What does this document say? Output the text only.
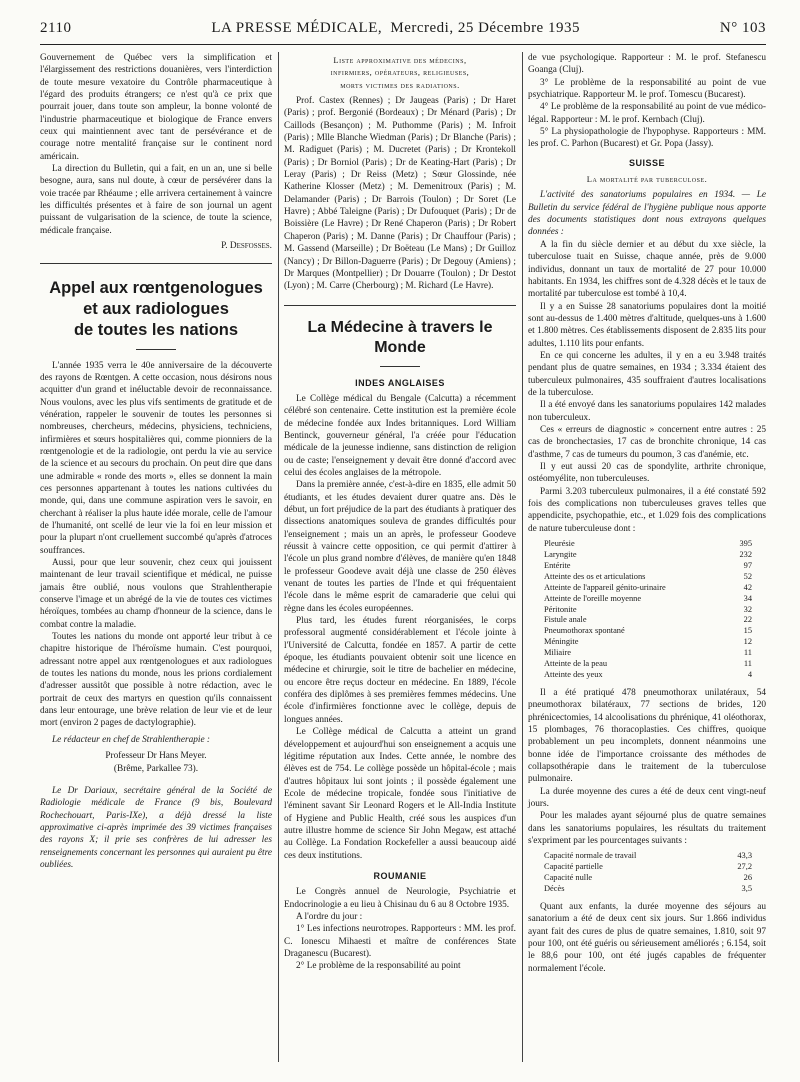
2110	LA PRESSE MÉDICALE, Mercredi, 25 Décembre 1935	N° 103

Gouvernement de Québec vers la simplification et l'élargissement des restrictions douanières, vers l'interdiction de toute mesure vexatoire du Contrôle pharmaceutique à l'égard des produits étrangers; ce n'est qu'à ce prix que pourrait jouer, dans toute son ampleur, la bonne volonté de l'industrie pharmaceutique et biologique de France envers ceux qui maintiennent avec tant de persévérance et de courage notre mentalité française sur le continent nord américain.

La direction du Bulletin, qui a fait, en un an, une si belle besogne, aura, sans nul doute, à cœur de persévérer dans la voie tracée par Rhéaume ; elle arrivera certainement à vaincre les difficultés présentes et à faire de son journal un agent puissant de vulgarisation de la science, de toute la science, médicale française.

P. Desfosses.
Appel aux rœntgenologues
et aux radiologues
de toutes les nations

L'année 1935 verra le 40e anniversaire de la découverte des rayons de Rœntgen. A cette occasion, nous désirons nous acquitter d'un grand et inéluctable devoir de reconnaissance. Nous voulons, avec les plus vifs sentiments de gratitude et de vénération, rappeler le souvenir de toutes les personnes si nombreuses, chercheurs, médecins, physiciens, techniciens, infirmières et sœurs hospitalières qui, comme pionniers de la rœntgenologie et de la radiologie, ont perdu la vie au service de la science et au secours du prochain. On peut dire que dans une admirable « ronde des morts », elles se donnent la main ces personnes appartenant à toutes les nations cultivées du monde, qui, dans une commune aspiration vers le savoir, en cherchant à réaliser la plus haute idée morale, celle de l'amour de l'humanité, ont scellé de leur vie la foi en leur mission et pour la plupart n'ont cruellement succombé qu'après d'atroces souffrances.

Aussi, pour que leur souvenir, chez ceux qui jouissent maintenant de leur travail scientifique et médical, ne puisse jamais être oublié, nous voulons que Strahlentherapie conserve l'image et un abrégé de la vie de toutes ces victimes héroïques, tombées au champ d'honneur de la science, dans le combat contre la maladie.

Toutes les nations du monde ont apporté leur tribut à ce chapitre historique de l'héroïsme humain. C'est pourquoi, adressant notre appel aux rœntgenologues et aux radiologues de toutes les nations du monde, nous les prions cordialement d'adresser aussitôt que possible à notre rédaction, avec le portrait de ceux des martyrs en question qu'ils connaissent dans leur entourage, une brève relation de leur vie et de leur mort (environ 2 pages de dactylographie).

Le rédacteur en chef de Strahlentherapie :

Professeur Dr Hans Meyer.
(Brême, Parkallee 73).

Le Dr Dariaux, secrétaire général de la Société de Radiologie médicale de France (9 bis, Boulevard Rochechouart, Paris-IXe), a déjà dressé la liste approximative ci-après imprimée des 39 victimes françaises des rayons X; il prie ses confrères de lui adresser les renseignements concernant les personnes qui auraient pu être oubliées.

Liste approximative des médecins,
infirmiers, opérateurs, religieuses,
morts victimes des radiations.

Prof. Castex (Rennes) ; Dr Jaugeas (Paris) ; Dr Haret (Paris) ; prof. Bergonié (Bordeaux) ; Dr Ménard (Paris) ; Dr Caillods (Besançon) ; M. Puthomme (Paris) ; M. Infroit (Paris) ; Mlle Blanche Wiedman (Paris) ; Dr Blanche (Paris) ; M. Radiguet (Paris) ; M. Ducretet (Paris) ; Dr Krontekoll (Paris) ; Dr Borniol (Paris) ; Dr de Keating-Hart (Paris) ; Dr Leray (Paris) ; Dr Reiss (Metz) ; Sœur Glossinde, née Katherine Klosser (Metz) ; M. Demenitroux (Paris) ; M. Delamander (Paris) ; Dr Barrois (Toulon) ; Dr Soret (Le Havre) ; Abbé Taleigne (Paris) ; Dr Dufouquet (Paris) ; Dr de Boissière (Le Havre) ; Dr René Chaperon (Paris) ; Dr Robert Chaperon (Paris) ; M. Danne (Paris) ; Dr Chauffour (Paris) ; M. Gassend (Marseille) ; Dr Boëteau (Le Mans) ; Dr Guilloz (Nancy) ; Dr Billon-Daguerre (Paris) ; Dr Degouy (Amiens) ; Dr Marques (Montpellier) ; Dr Douarre (Toulon) ; Dr Destot (Lyon) ; M. Carre (Cherbourg) ; M. Richard (Le Havre).

La Médecine à travers le Monde
INDES ANGLAISES

Le Collège médical du Bengale (Calcutta) a récemment célébré son centenaire. Cette institution est la première école de médecine fondée aux Indes britanniques. Lord William Bentinck, gouverneur général, l'a créée pour l'éducation médicale de la jeunesse indienne, sans distinction de religion ou de caste; l'enseignement y devait être donné d'accord avec celui des écoles anglaises de la métropole.

Dans la première année, c'est-à-dire en 1835, elle admit 50 étudiants, et les études devaient durer quatre ans. Dès le début, un fort préjudice de la part des étudiants à pratiquer des dissections anatomiques souleva de grandes difficultés pour l'enseignement ; mais un an après, le professeur Goodeve réussit à vaincre cette opposition, ce qui permit d'attirer à l'école un plus grand nombre d'élèves, de manière qu'en 1848 le professeur Goodeve avait déjà une classe de 250 élèves venant de toutes les parties de l'Inde et qui fréquentaient l'école dans le même esprit de camaraderie que celui qui règne dans les écoles européennes.

Plus tard, les études furent réorganisées, le corps professoral augmenté considérablement et l'école jointe à l'Université de Calcutta, fondée en 1857. A partir de cette époque, les étudiants pouvaient obtenir soit une licence en médecine et chirurgie, soit le titre de bachelier en médecine, ou encore être reçus docteur en médecine. En 1889, l'école conféra des diplômes à ses premières femmes médecins. Une école d'infirmières fonctionne avec le collège, depuis de longues années.

Le Collège médical de Calcutta a atteint un grand développement et aujourd'hui son enseignement a acquis une légitime réputation aux Indes. Cette année, le nombre des élèves est de 754. Le collège possède un hôpital-école ; mais d'autres hôpitaux lui sont joints ; il possède également une Ecole de médecine tropicale, fondée sous l'initiative de l'éminent savant Sir Leonard Rogers et le All-India Institute of Hygiene and Public Health, créé sous les auspices d'un autre illustre homme de science Sir John Megaw, est attaché au Collège. La Fondation Rockefeller a aussi beaucoup aidé ces deux institutions.

ROUMANIE

Le Congrès annuel de Neurologie, Psychiatrie et Endocrinologie a eu lieu à Chisinau du 6 au 8 Octobre 1935.

A l'ordre du jour :

1° Les infections neurotropes. Rapporteurs : MM. les prof. C. Ionescu Mihaesti et maître de conférences State Draganescu (Bucarest).

2° Le problème de la responsabilité au point

de vue psychologique. Rapporteur : M. le prof. Stefanescu Goanga (Cluj).

3° Le problème de la responsabilité au point de vue psychiatrique. Rapporteur M. le prof. Tomescu (Bucarest).

4° Le problème de la responsabilité au point de vue médico-légal. Rapporteur : M. le prof. Kernbach (Cluj).

5° La physiopathologie de l'hypophyse. Rapporteurs : MM. les prof. C. Parhon (Bucarest) et Gr. Popa (Jassy).

SUISSE
La mortalité par tuberculose.

L'activité des sanatoriums populaires en 1934. — Le Bulletin du service fédéral de l'hygiène publique nous apporte des documents statistiques dont nous extrayons quelques données :

A la fin du siècle dernier et au début du xxe siècle, la tuberculose tuait en Suisse, chaque année, près de 9.000 individus, donnant un taux de mortalité de 27 pour 10.000 habitants. En 1934, les chiffres sont de 4.328 décès et le taux de mortalité par tuberculose est tombé à 10,4.

Il y a en Suisse 28 sanatoriums populaires dont la moitié sont au-dessus de 1.400 mètres d'altitude, quelques-uns à 1.600 et 1.800 mètres. Ces établissements disposent de 2.835 lits pour adultes, 1.110 lits pour enfants.

En ce qui concerne les adultes, il y en a eu 3.948 traités pendant plus de quatre semaines, en 1934 ; 3.334 étaient des tuberculeux pulmonaires, 435 souffraient d'autres localisations de la tuberculose.

Il a été envoyé dans les sanatoriums populaires 142 malades non tuberculeux.

Ces « erreurs de diagnostic » concernent entre autres : 25 cas de bronchectasies, 17 cas de bronchite chronique, 14 cas d'asthme, 7 cas de tumeurs du poumon, 3 cas d'anémie, etc.

Il y eut aussi 20 cas de spondylite, arthrite chronique, ostéomyélite, non tuberculeuses.

Parmi 3.203 tuberculeux pulmonaires, il a été constaté 592 fois des complications non tuberculeuses graves telles que appendicite, psychopathie, etc., et 1.029 fois des complications de nature tuberculeuse dont :

Pleurésie	395
Laryngite	232
Entérite	97
Atteinte des os et articulations	52
Atteinte de l'appareil génito-urinaire	42
Atteinte de l'oreille moyenne	34
Péritonite	32
Fistule anale	22
Pneumothorax spontané	15
Méningite	12
Miliaire	11
Atteinte de la peau	11
Atteinte des yeux	4

Il a été pratiqué 478 pneumothorax unilatéraux, 54 pneumothorax bilatéraux, 77 sections de brides, 120 phrénicectomies, 14 alcoolisations du phrénique, 41 oléothorax, 15 plombages, 76 thoracoplasties. Ces chiffres, quoique probablement un peu incomplets, donnent néanmoins une bonne idée de l'importance croissante des méthodes de collapsothérapie dans le traitement de la tuberculose pulmonaire.

La durée moyenne des cures a été de deux cent vingt-neuf jours.

Pour les malades ayant séjourné plus de quatre semaines dans les sanatoriums populaires, les résultats du traitement s'expriment par les pourcentages suivants :

Capacité normale de travail	43,3
Capacité partielle	27,2
Capacité nulle	26
Décès	3,5

Quant aux enfants, la durée moyenne des séjours au sanatorium a été de deux cent six jours. Sur 1.866 individus ayant fait des cures de plus de quatre semaines, 1.810, soit 97 pour 100, ont été guéris ou sérieusement améliorés ; 6.154, soit le 88,6 pour 100, ont été jugés capables de fréquenter normalement l'école.
